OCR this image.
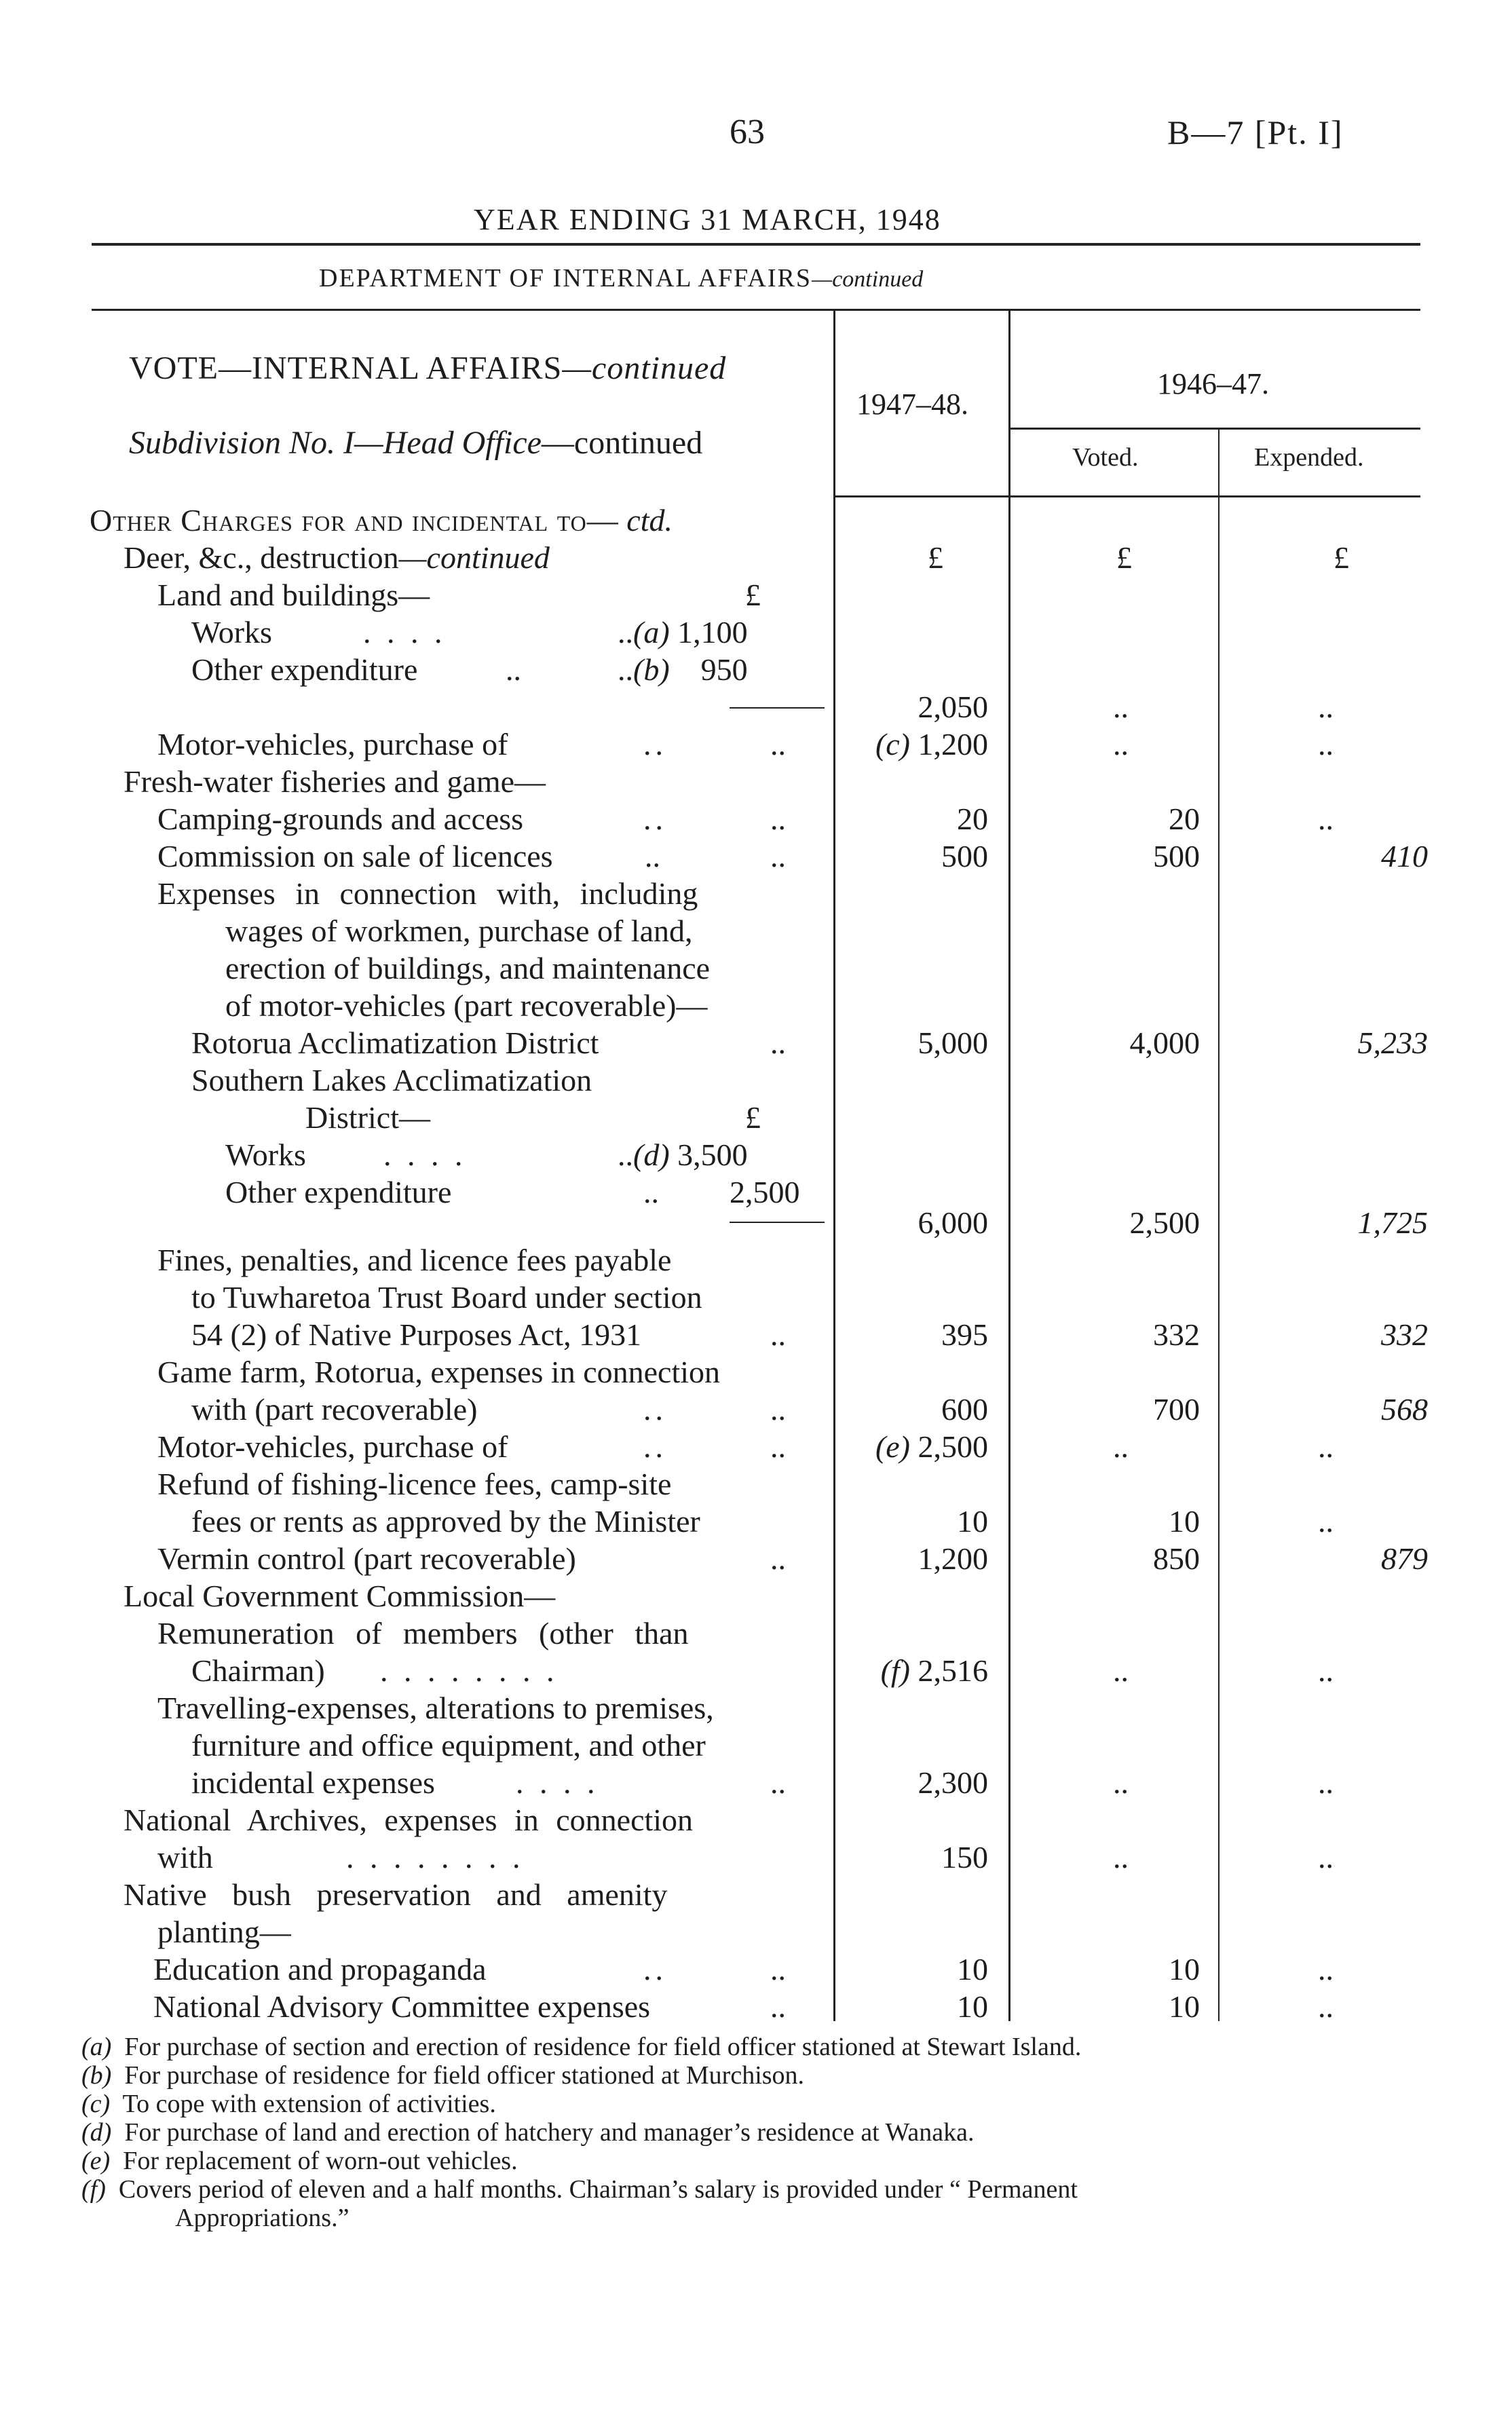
63	B—7 [Pt. I]
YEAR ENDING 31 MARCH, 1948
DEPARTMENT OF INTERNAL AFFAIRS—continued
VOTE—INTERNAL AFFAIRS—continued
Subdivision No. I—Head Office—continued
1947–48.
1946–47.
Voted.	Expended.
Other Charges for and incidental to— ctd.
£	£	£
Deer, &c., destruction—continued
Land and buildings—	£
Works	. . . .	..(a) 1,100
Other expenditure	..	..(b) 950
2,050	..	..
Motor-vehicles, purchase of	..	..	(c) 1,200	..	..
Fresh-water fisheries and game—
Camping-grounds and access	..	..	20	20	..
Commission on sale of licences	..	..	500	500	410
Expenses in connection with, including
wages of workmen, purchase of land,
erection of buildings, and maintenance
of motor-vehicles (part recoverable)—
Rotorua Acclimatization District	..	5,000	4,000	5,233
Southern Lakes Acclimatization
District—	£
Works . . . .	..(d) 3,500
Other expenditure	.. 2,500
6,000	2,500	1,725
Fines, penalties, and licence fees payable
to Tuwharetoa Trust Board under section
54 (2) of Native Purposes Act, 1931	..	395	332	332
Game farm, Rotorua, expenses in connection
with (part recoverable)	..	..	600	700	568
Motor-vehicles, purchase of	..	..	(e) 2,500	..	..
Refund of fishing-licence fees, camp-site
fees or rents as approved by the Minister	10	10	..
Vermin control (part recoverable)	..	1,200	850	879
Local Government Commission—
Remuneration of members (other than
Chairman) . . . . . . . .	(f) 2,516	..	..
Travelling-expenses, alterations to premises,
furniture and office equipment, and other
incidental expenses	. . . .	..	2,300	..	..
National Archives, expenses in connection
with	. . . . . . . .	150	..	..
Native bush preservation and amenity
planting—
Education and propaganda	..	..	10	10	..
National Advisory Committee expenses	..	10	10	..
(a) For purchase of section and erection of residence for field officer stationed at Stewart Island.
(b) For purchase of residence for field officer stationed at Murchison.
(c) To cope with extension of activities.
(d) For purchase of land and erection of hatchery and manager’s residence at Wanaka.
(e) For replacement of worn-out vehicles.
(f) Covers period of eleven and a half months. Chairman’s salary is provided under “ Permanent
Appropriations.”
